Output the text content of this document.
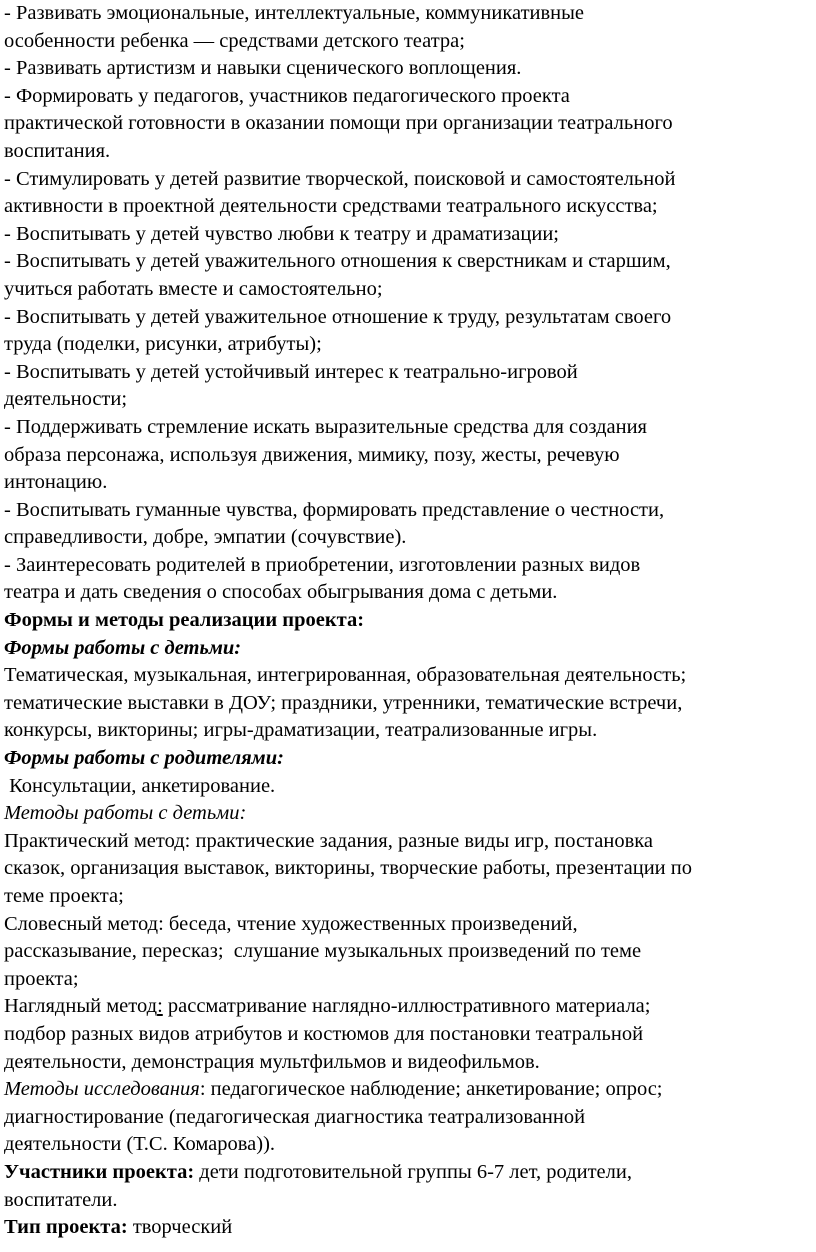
- Развивать эмоциональные, интеллектуальные, коммуникативные

особенности ребенка — средствами детского театра;

- Развивать артистизм и навыки сценического воплощения.

- Формировать у педагогов, участников педагогического проекта

практической готовности в оказании помощи при организации театрального

воспитания.

- Стимулировать у детей развитие творческой, поисковой и самостоятельной

активности в проектной деятельности средствами театрального искусства;

- Воспитывать у детей чувство любви к театру и драматизации;

- Воспитывать у детей уважительного отношения к сверстникам и старшим,

учиться работать вместе и самостоятельно;

- Воспитывать у детей уважительное отношение к труду, результатам своего

труда (поделки, рисунки, атрибуты);

- Воспитывать у детей устойчивый интерес к театрально-игровой

деятельности;

- Поддерживать стремление искать выразительные средства для создания

образа персонажа, используя движения, мимику, позу, жесты, речевую

интонацию.

- Воспитывать гуманные чувства, формировать представление о честности,

справедливости, добре, эмпатии (сочувствие).

- Заинтересовать родителей в приобретении, изготовлении разных видов

театра и дать сведения о способах обыгрывания дома с детьми.

Формы и методы реализации проекта:

Формы работы с детьми:

Тематическая, музыкальная, интегрированная, образовательная деятельность;

тематические выставки в ДОУ; праздники, утренники, тематические встречи,

конкурсы, викторины; игры-драматизации, театрализованные игры.

Формы работы с родителями:

Консультации, анкетирование.

Методы работы с детьми:

Практический метод: практические задания, разные виды игр, постановка

сказок, организация выставок, викторины, творческие работы, презентации по

теме проекта;

Словесный метод: беседа, чтение художественных произведений,

рассказывание, пересказ;  слушание музыкальных произведений по теме

проекта;

Наглядный метод: рассматривание наглядно-иллюстративного материала;

подбор разных видов атрибутов и костюмов для постановки театральной

деятельности, демонстрация мультфильмов и видеофильмов.

Методы исследования: педагогическое наблюдение; анкетирование; опрос;

диагностирование (педагогическая диагностика театрализованной

деятельности (Т.С. Комарова)).

Участники проекта: дети подготовительной группы 6-7 лет, родители,

воспитатели.

Тип проекта: творческий
